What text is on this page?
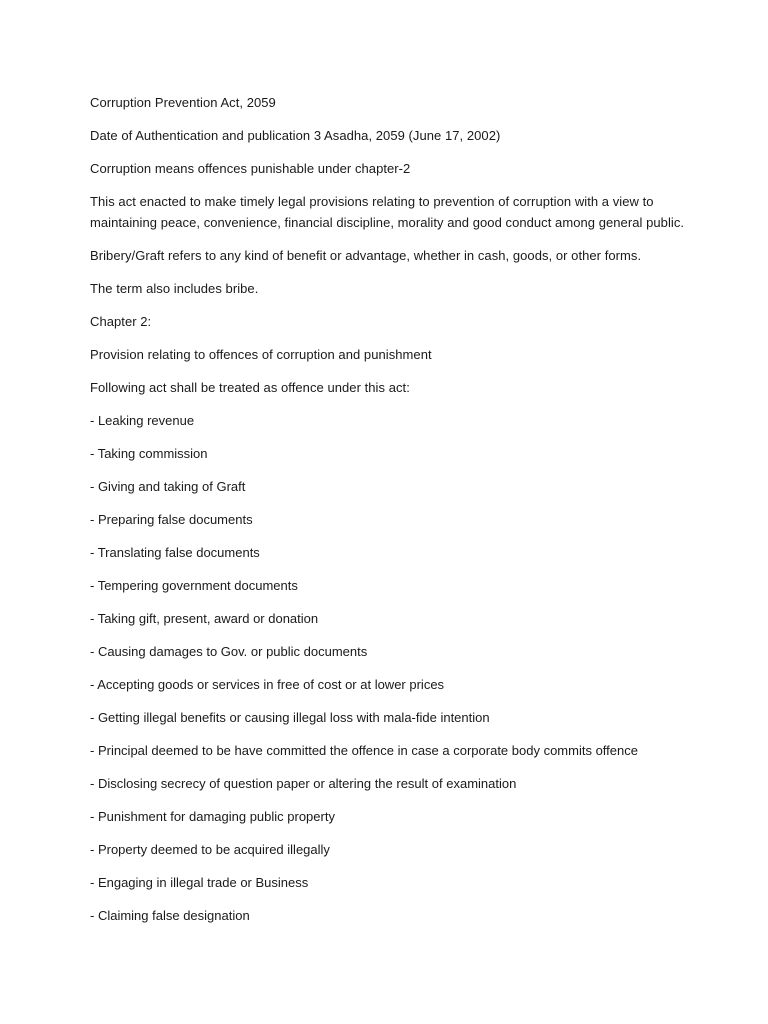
Corruption Prevention Act, 2059

Date of Authentication and publication 3 Asadha, 2059 (June 17, 2002)

Corruption means offences punishable under chapter-2

This act enacted to make timely legal provisions relating to prevention of corruption with a view to maintaining peace, convenience, financial discipline, morality and good conduct among general public.

Bribery/Graft refers to any kind of benefit or advantage, whether in cash, goods, or other forms.

The term also includes bribe.

Chapter 2:

Provision relating to offences of corruption and punishment

Following act shall be treated as offence under this act:

- Leaking revenue

- Taking commission

- Giving and taking of Graft

- Preparing false documents

- Translating false documents

- Tempering government documents

- Taking gift, present, award or donation

- Causing damages to Gov. or public documents

- Accepting goods or services in free of cost or at lower prices

- Getting illegal benefits or causing illegal loss with mala-fide intention

- Principal deemed to be have committed the offence in case a corporate body commits offence

- Disclosing secrecy of question paper or altering the result of examination

- Punishment for damaging public property

- Property deemed to be acquired illegally

- Engaging in illegal trade or Business

- Claiming false designation
